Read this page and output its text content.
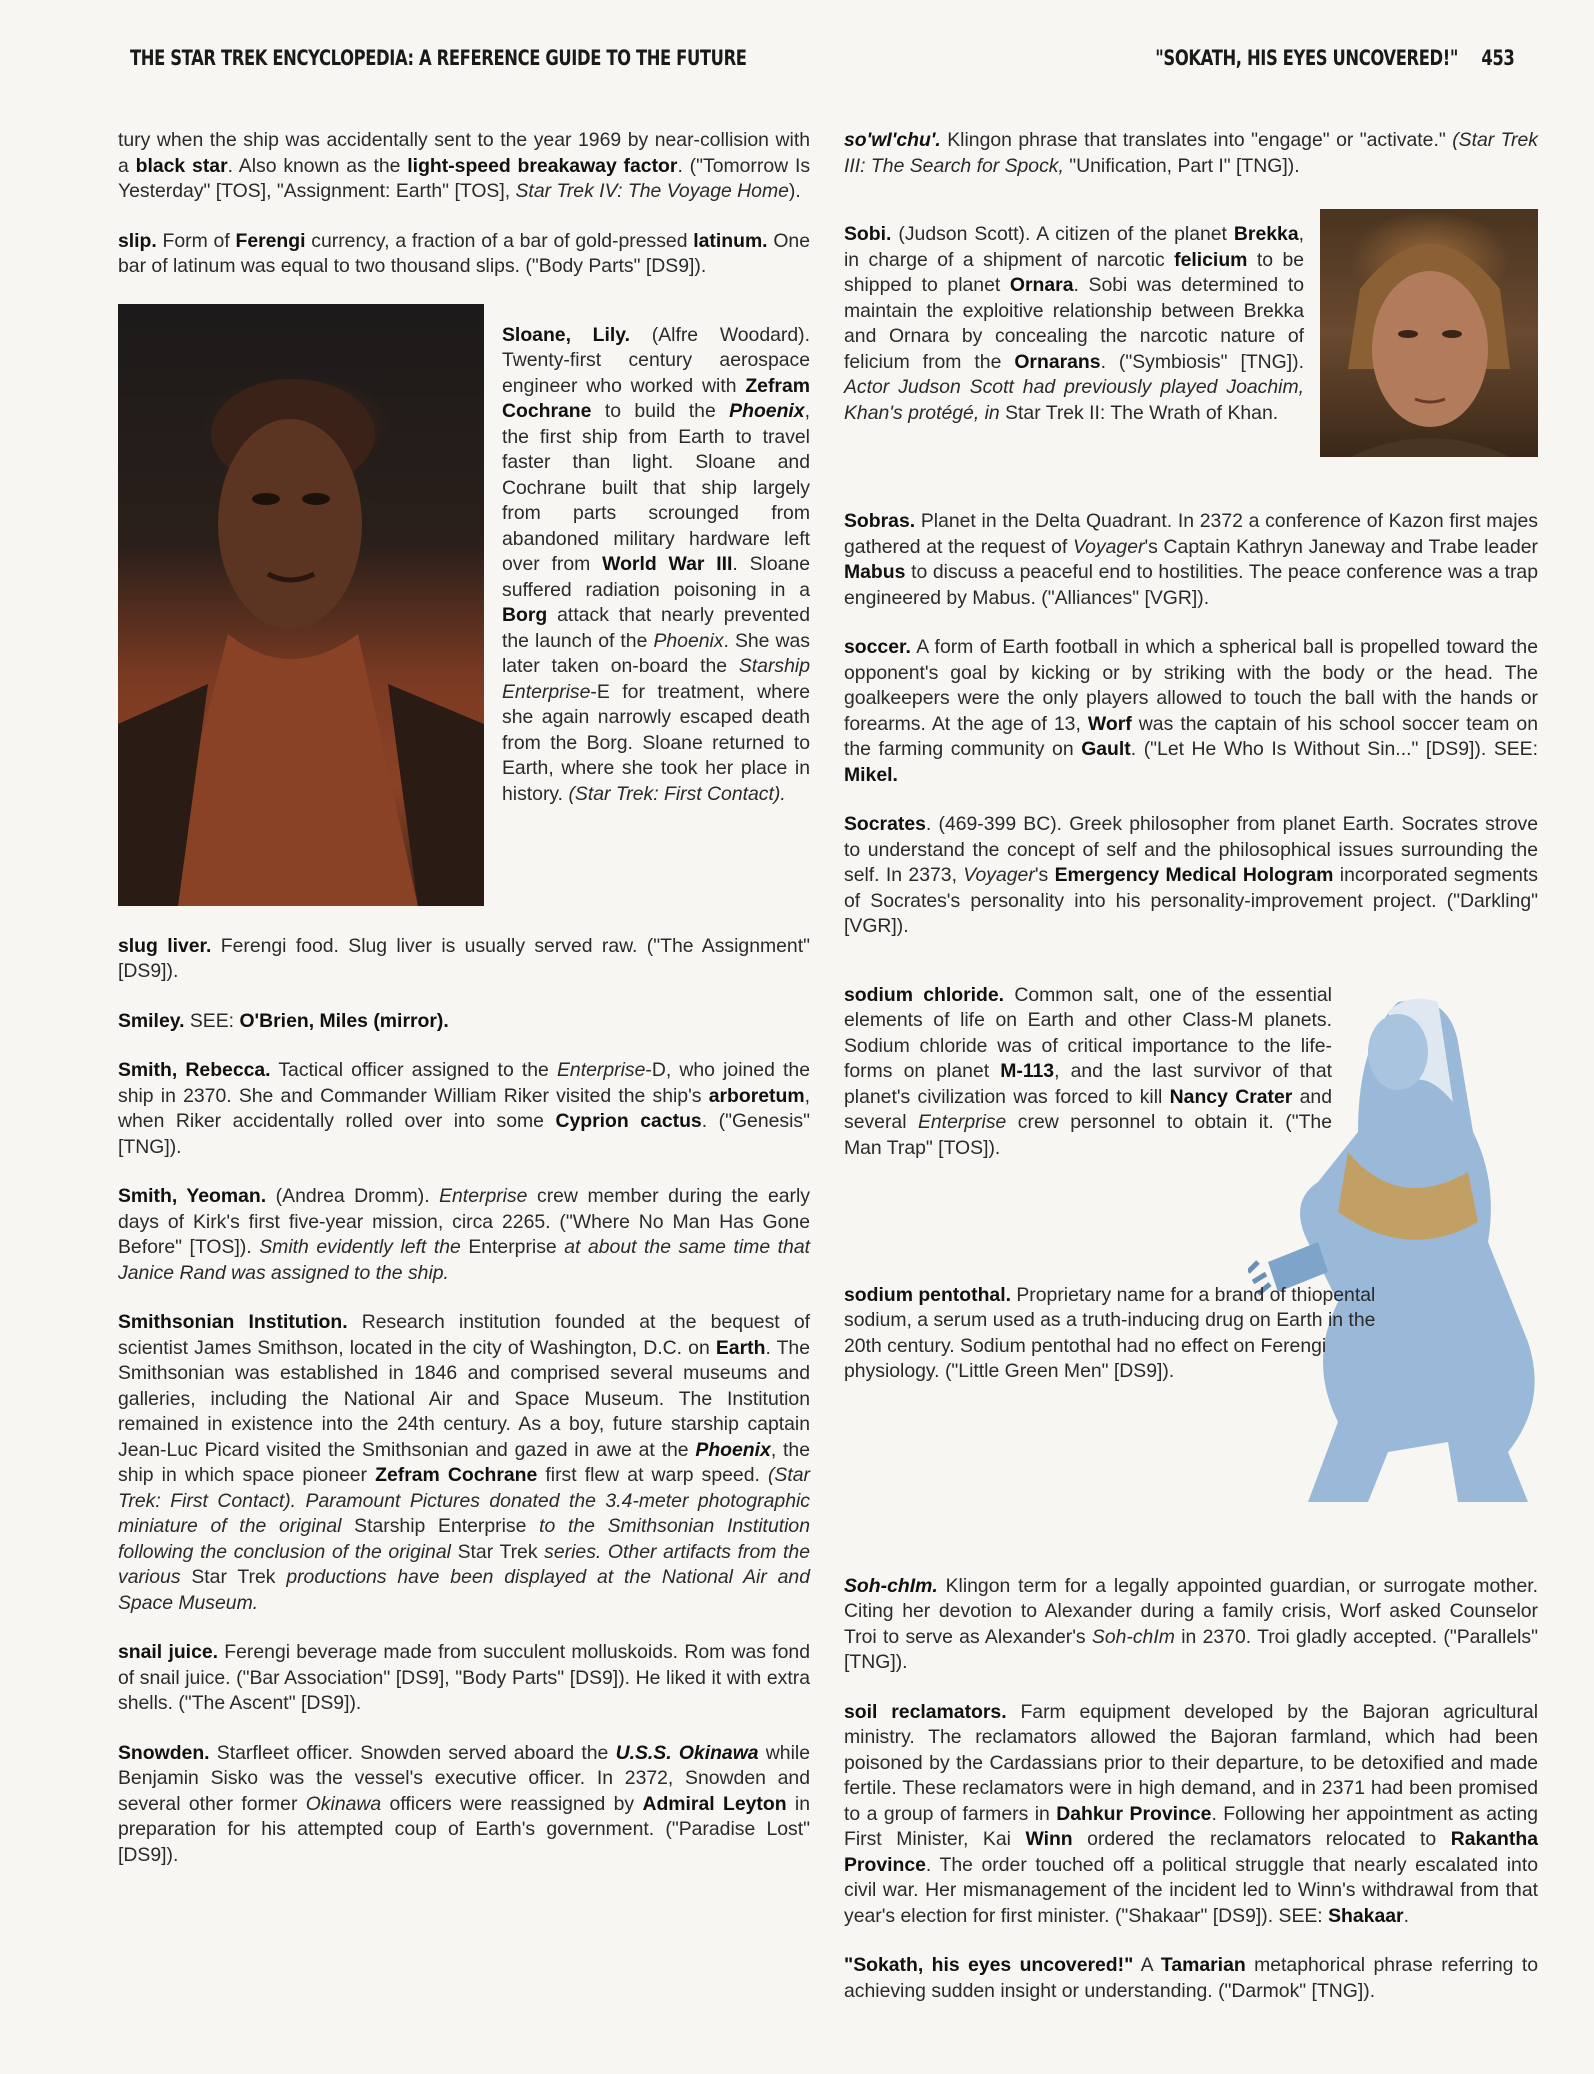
THE STAR TREK ENCYCLOPEDIA: A REFERENCE GUIDE TO THE FUTURE	"SOKATH, HIS EYES UNCOVERED!" 453

tury when the ship was accidentally sent to the year 1969 by near-collision with a black star. Also known as the light-speed breakaway factor. ("Tomorrow Is Yesterday" [TOS], "Assignment: Earth" [TOS], Star Trek IV: The Voyage Home).

slip. Form of Ferengi currency, a fraction of a bar of gold-pressed latinum. One bar of latinum was equal to two thousand slips. ("Body Parts" [DS9]).

Sloane, Lily. (Alfre Woodard). Twenty-first century aerospace engineer who worked with Zefram Cochrane to build the Phoenix, the first ship from Earth to travel faster than light. Sloane and Cochrane built that ship largely from parts scrounged from abandoned military hardware left over from World War III. Sloane suffered radiation poisoning in a Borg attack that nearly prevented the launch of the Phoenix. She was later taken on-board the Starship Enterprise-E for treatment, where she again narrowly escaped death from the Borg. Sloane returned to Earth, where she took her place in history. (Star Trek: First Contact).

slug liver. Ferengi food. Slug liver is usually served raw. ("The Assignment" [DS9]).

Smiley. SEE: O'Brien, Miles (mirror).

Smith, Rebecca. Tactical officer assigned to the Enterprise-D, who joined the ship in 2370. She and Commander William Riker visited the ship's arboretum, when Riker accidentally rolled over into some Cyprion cactus. ("Genesis" [TNG]).

Smith, Yeoman. (Andrea Dromm). Enterprise crew member during the early days of Kirk's first five-year mission, circa 2265. ("Where No Man Has Gone Before" [TOS]). Smith evidently left the Enterprise at about the same time that Janice Rand was assigned to the ship.

Smithsonian Institution. Research institution founded at the bequest of scientist James Smithson, located in the city of Washington, D.C. on Earth. The Smithsonian was established in 1846 and comprised several museums and galleries, including the National Air and Space Museum. The Institution remained in existence into the 24th century. As a boy, future starship captain Jean-Luc Picard visited the Smithsonian and gazed in awe at the Phoenix, the ship in which space pioneer Zefram Cochrane first flew at warp speed. (Star Trek: First Contact). Paramount Pictures donated the 3.4-meter photographic miniature of the original Starship Enterprise to the Smithsonian Institution following the conclusion of the original Star Trek series. Other artifacts from the various Star Trek productions have been displayed at the National Air and Space Museum.

snail juice. Ferengi beverage made from succulent molluskoids. Rom was fond of snail juice. ("Bar Association" [DS9], "Body Parts" [DS9]). He liked it with extra shells. ("The Ascent" [DS9]).

Snowden. Starfleet officer. Snowden served aboard the U.S.S. Okinawa while Benjamin Sisko was the vessel's executive officer. In 2372, Snowden and several other former Okinawa officers were reassigned by Admiral Leyton in preparation for his attempted coup of Earth's government. ("Paradise Lost" [DS9]).

so'wI'chu'. Klingon phrase that translates into "engage" or "activate." (Star Trek III: The Search for Spock, "Unification, Part I" [TNG]).

Sobi. (Judson Scott). A citizen of the planet Brekka, in charge of a shipment of narcotic felicium to be shipped to planet Ornara. Sobi was determined to maintain the exploitive relationship between Brekka and Ornara by concealing the narcotic nature of felicium from the Ornarans. ("Symbiosis" [TNG]). Actor Judson Scott had previously played Joachim, Khan's protégé, in Star Trek II: The Wrath of Khan.

Sobras. Planet in the Delta Quadrant. In 2372 a conference of Kazon first majes gathered at the request of Voyager's Captain Kathryn Janeway and Trabe leader Mabus to discuss a peaceful end to hostilities. The peace conference was a trap engineered by Mabus. ("Alliances" [VGR]).

soccer. A form of Earth football in which a spherical ball is propelled toward the opponent's goal by kicking or by striking with the body or the head. The goalkeepers were the only players allowed to touch the ball with the hands or forearms. At the age of 13, Worf was the captain of his school soccer team on the farming community on Gault. ("Let He Who Is Without Sin..." [DS9]). SEE: Mikel.

Socrates. (469-399 BC). Greek philosopher from planet Earth. Socrates strove to understand the concept of self and the philosophical issues surrounding the self. In 2373, Voyager's Emergency Medical Hologram incorporated segments of Socrates's personality into his personality-improvement project. ("Darkling" [VGR]).

sodium chloride. Common salt, one of the essential elements of life on Earth and other Class-M planets. Sodium chloride was of critical importance to the life-forms on planet M-113, and the last survivor of that planet's civilization was forced to kill Nancy Crater and several Enterprise crew personnel to obtain it. ("The Man Trap" [TOS]).

sodium pentothal. Proprietary name for a brand of thiopental sodium, a serum used as a truth-inducing drug on Earth in the 20th century. Sodium pentothal had no effect on Ferengi physiology. ("Little Green Men" [DS9]).

Soh-chIm. Klingon term for a legally appointed guardian, or surrogate mother. Citing her devotion to Alexander during a family crisis, Worf asked Counselor Troi to serve as Alexander's Soh-chIm in 2370. Troi gladly accepted. ("Parallels" [TNG]).

soil reclamators. Farm equipment developed by the Bajoran agricultural ministry. The reclamators allowed the Bajoran farmland, which had been poisoned by the Cardassians prior to their departure, to be detoxified and made fertile. These reclamators were in high demand, and in 2371 had been promised to a group of farmers in Dahkur Province. Following her appointment as acting First Minister, Kai Winn ordered the reclamators relocated to Rakantha Province. The order touched off a political struggle that nearly escalated into civil war. Her mismanagement of the incident led to Winn's withdrawal from that year's election for first minister. ("Shakaar" [DS9]). SEE: Shakaar.

"Sokath, his eyes uncovered!" A Tamarian metaphorical phrase referring to achieving sudden insight or understanding. ("Darmok" [TNG]).
